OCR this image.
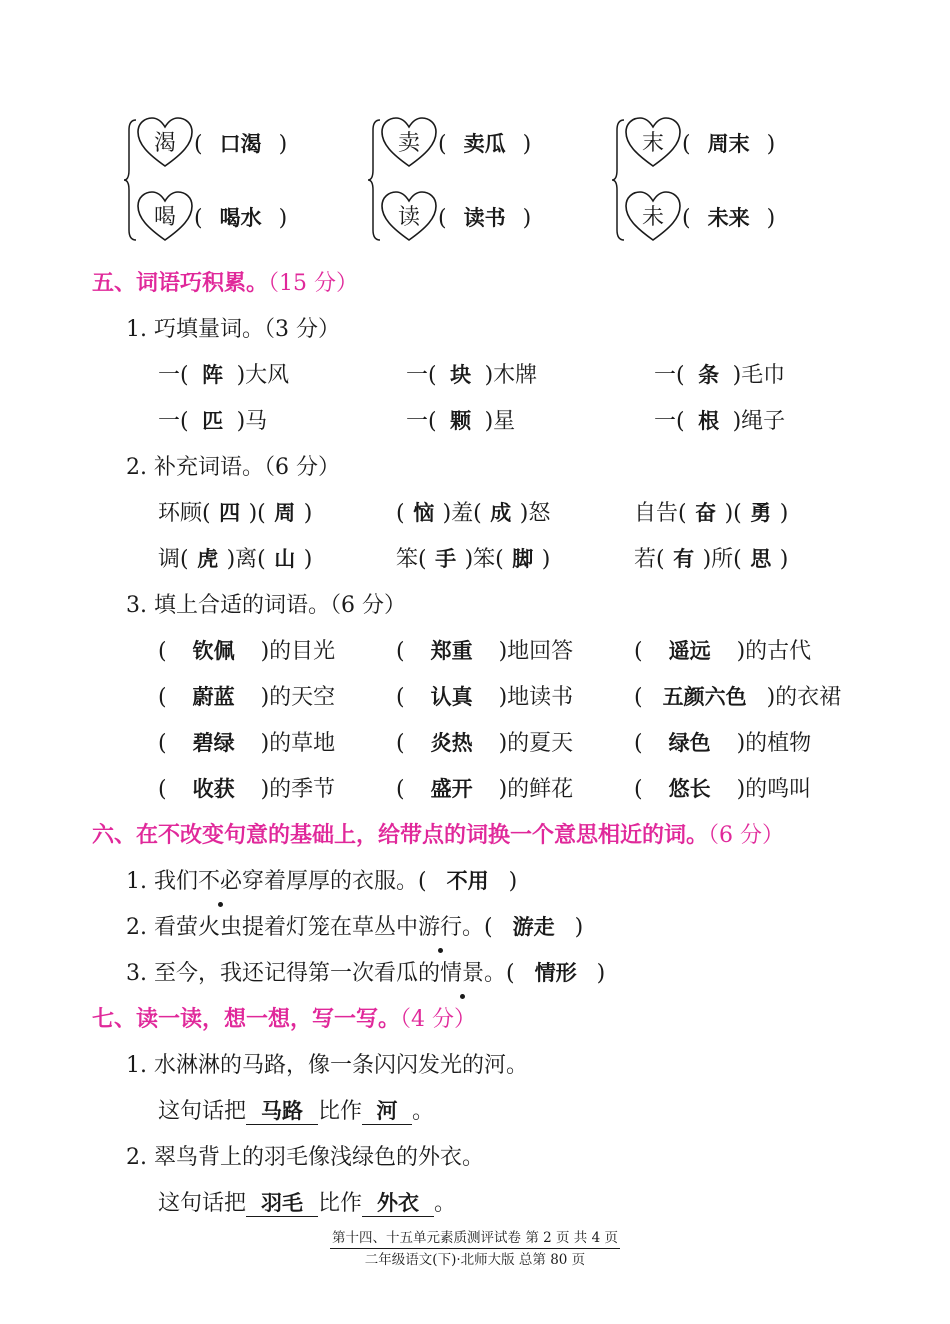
渴 ( 口渴 )
喝 ( 喝水 )
卖 ( 卖瓜 )
读 ( 读书 )
末 ( 周末 )
未 ( 未来 )
五、词语巧积累。（15 分）
1. 巧填量词。（3 分）
一( 阵 )大风	一( 块 )木牌	一( 条 )毛巾
一( 匹 )马	一( 颗 )星	一( 根 )绳子
2. 补充词语。（6 分）
环顾( 四 )( 周 )	( 恼 )羞( 成 )怒	自告( 奋 )( 勇 )
调( 虎 )离( 山 )	笨( 手 )笨( 脚 )	若( 有 )所( 思 )
3. 填上合适的词语。（6 分）
( 钦佩 )的目光	( 郑重 )地回答	( 遥远 )的古代
( 蔚蓝 )的天空	( 认真 )地读书	( 五颜六色 )的衣裙
( 碧绿 )的草地	( 炎热 )的夏天	( 绿色 )的植物
( 收获 )的季节	( 盛开 )的鲜花	( 悠长 )的鸣叫
六、在不改变句意的基础上，给带点的词换一个意思相近的词。（6 分）
1. 我们不必穿着厚厚的衣服。( 不用 )
2. 看萤火虫提着灯笼在草丛中游行。( 游走 )
3. 至今，我还记得第一次看瓜的情景。( 情形 )
七、读一读，想一想，写一写。（4 分）
1. 水淋淋的马路，像一条闪闪发光的河。
这句话把 马路 比作 河 。
2. 翠鸟背上的羽毛像浅绿色的外衣。
这句话把 羽毛 比作 外衣 。
第十四、十五单元素质测评试卷 第 2 页 共 4 页
二年级语文(下)·北师大版 总第 80 页
